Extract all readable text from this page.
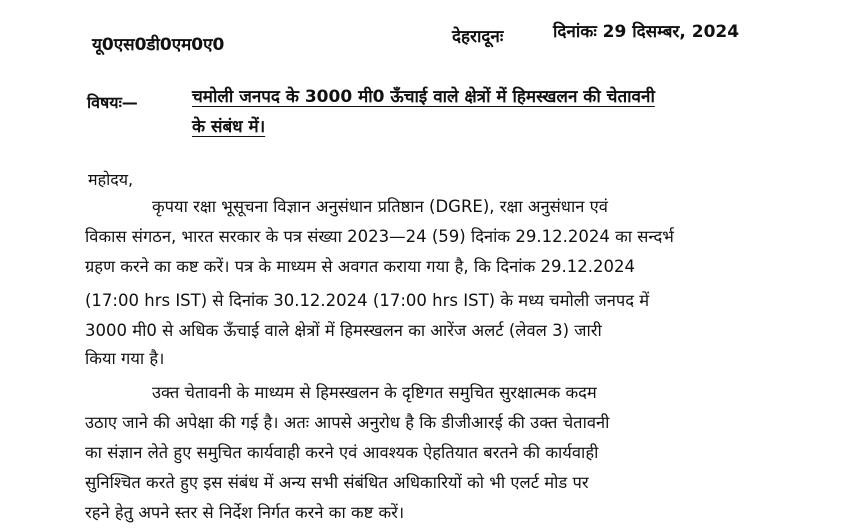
यू0एस0डी0एम0ए0	देहरादूनः	दिनांकः 29 दिसम्बर, 2024
विषयः—	चमोली जनपद के 3000 मी0 ऊँचाई वाले क्षेत्रों में हिमस्खलन की चेतावनी
के संबंध में।
महोदय,
कृपया रक्षा भूसूचना विज्ञान अनुसंधान प्रतिष्ठान (DGRE), रक्षा अनुसंधान एवं
विकास संगठन, भारत सरकार के पत्र संख्या 2023—24 (59) दिनांक 29.12.2024 का सन्दर्भ
ग्रहण करने का कष्ट करें। पत्र के माध्यम से अवगत कराया गया है, कि दिनांक 29.12.2024
(17:00 hrs IST) से दिनांक 30.12.2024 (17:00 hrs IST) के मध्य चमोली जनपद में
3000 मी0 से अधिक ऊँचाई वाले क्षेत्रों में हिमस्खलन का आरेंज अलर्ट (लेवल 3) जारी
किया गया है।
उक्त चेतावनी के माध्यम से हिमस्खलन के दृष्टिगत समुचित सुरक्षात्मक कदम
उठाए जाने की अपेक्षा की गई है। अतः आपसे अनुरोध है कि डीजीआरई की उक्त चेतावनी
का संज्ञान लेते हुए समुचित कार्यवाही करने एवं आवश्यक ऐहतियात बरतने की कार्यवाही
सुनिश्चित करते हुए इस संबंध में अन्य सभी संबंधित अधिकारियों को भी एलर्ट मोड पर
रहने हेतु अपने स्तर से निर्देश निर्गत करने का कष्ट करें।
